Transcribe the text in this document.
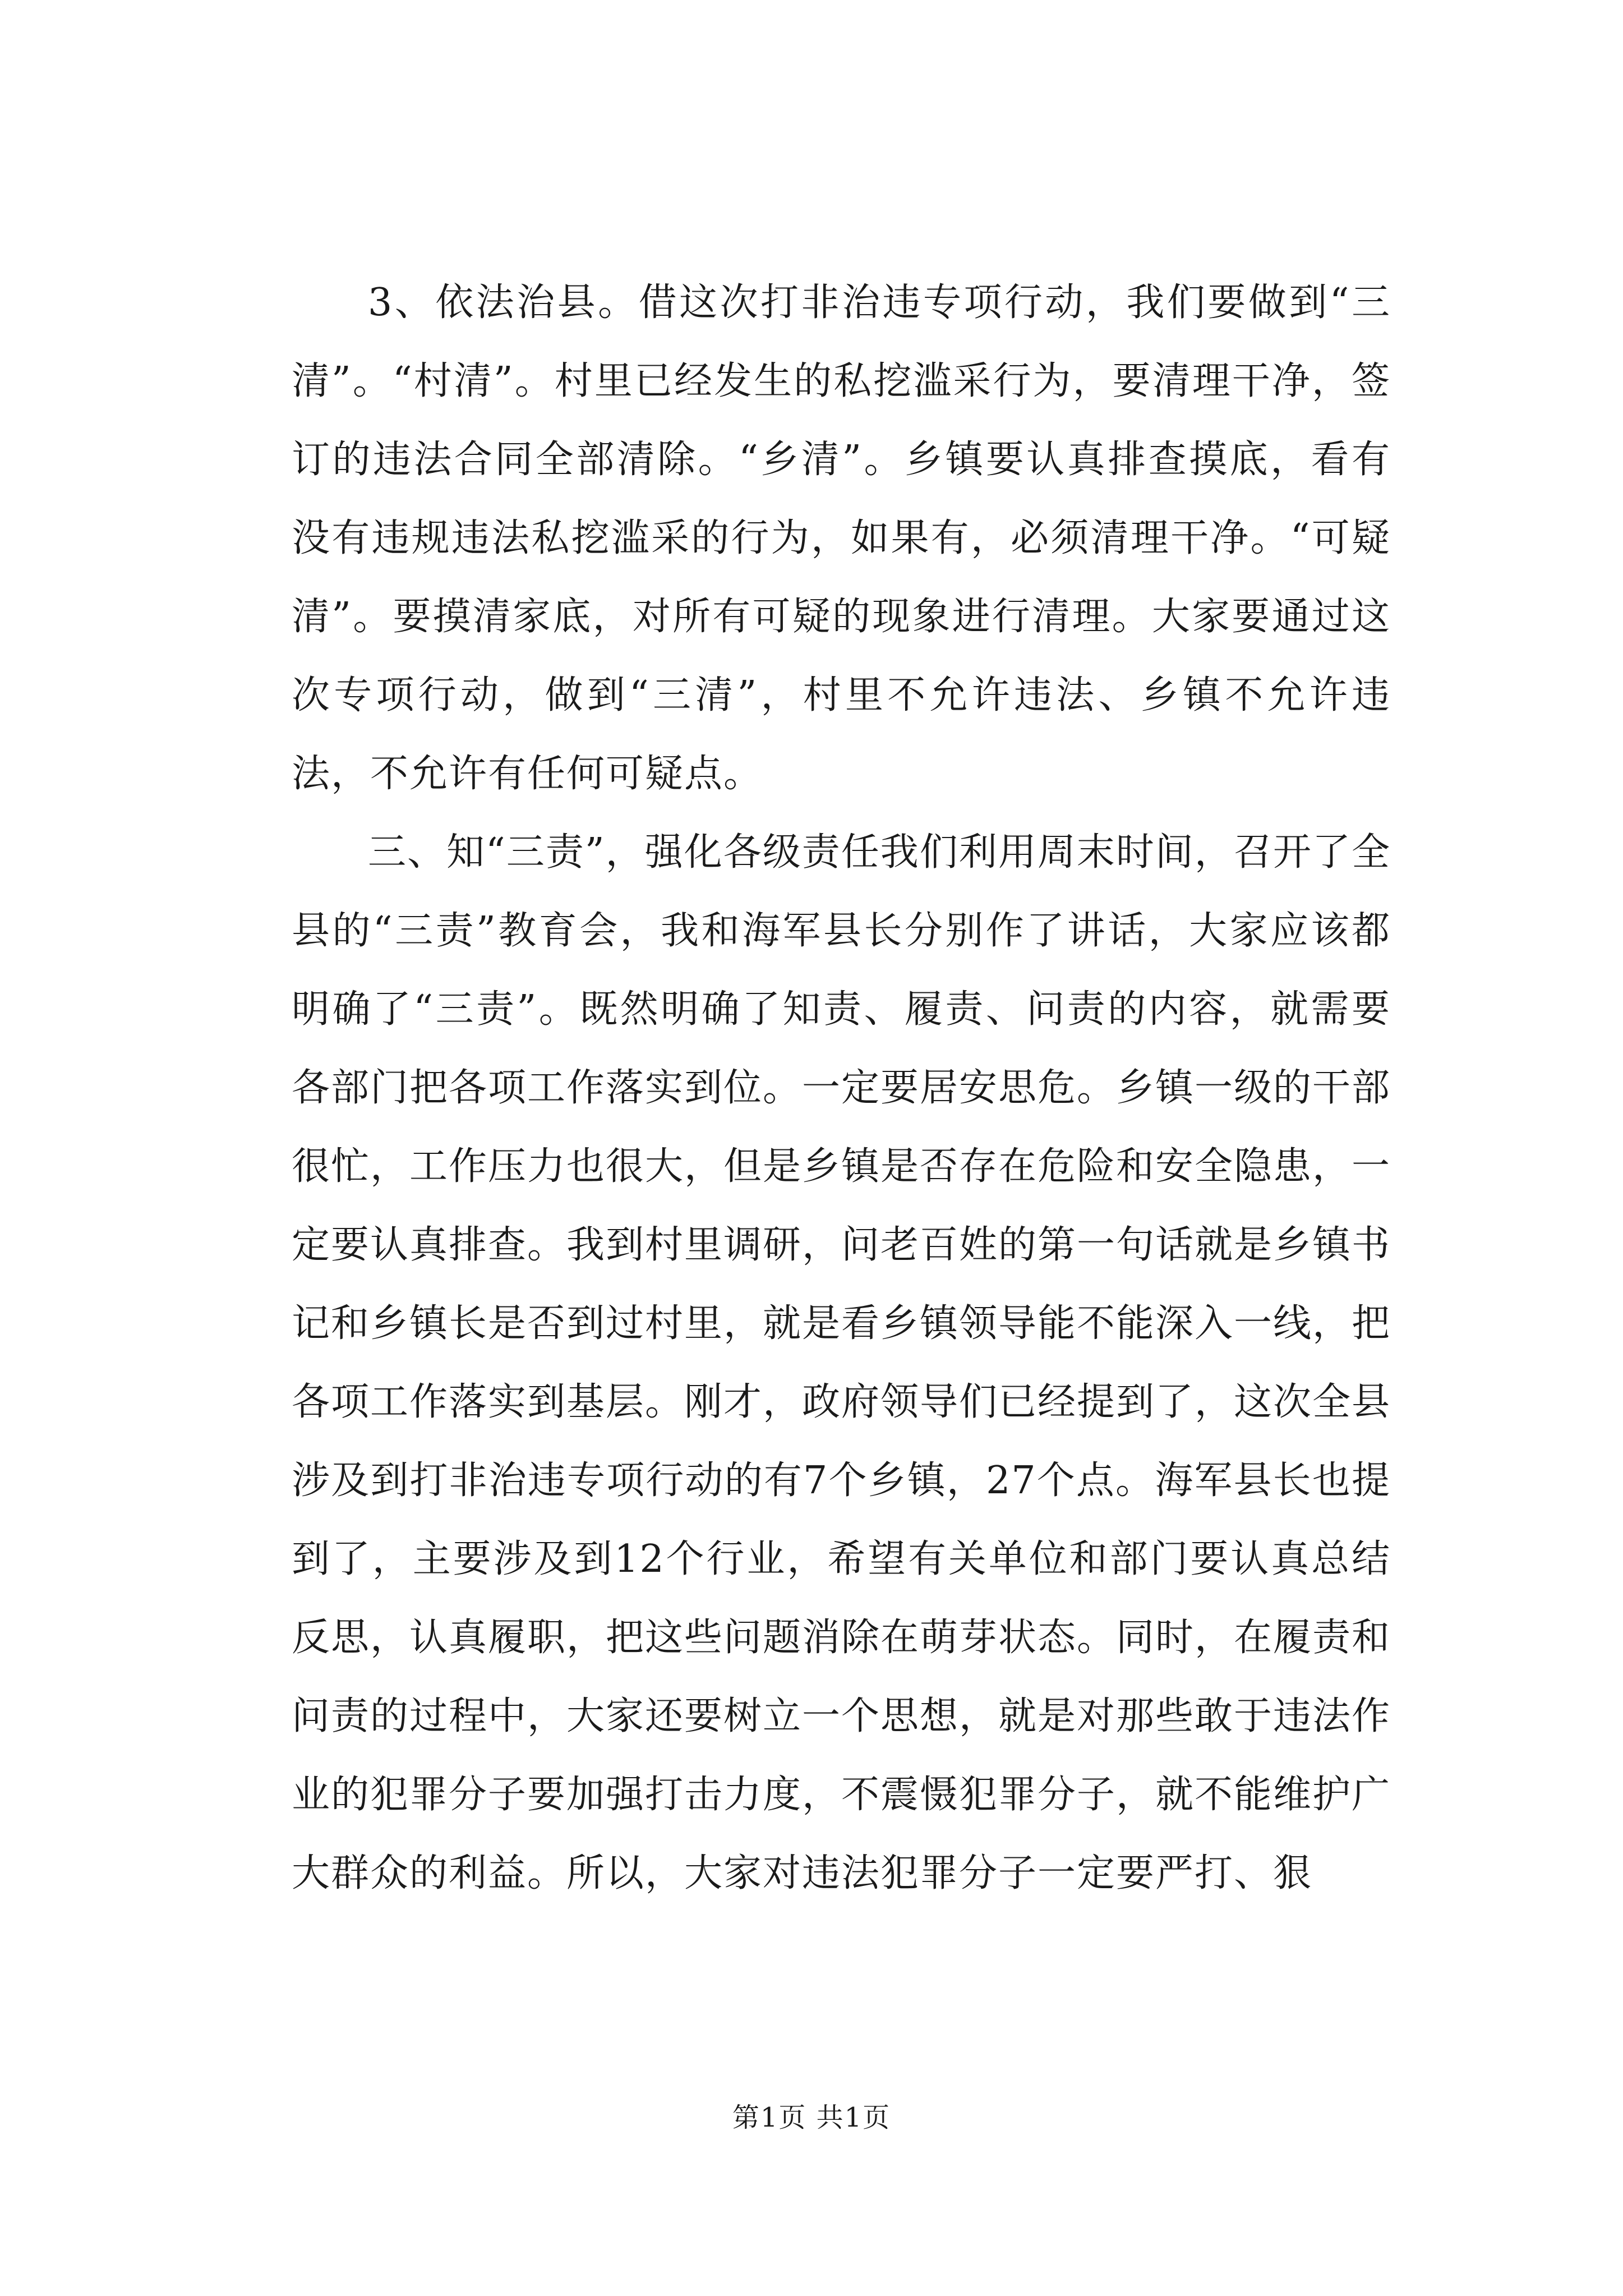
3、依法治县。借这次打非治违专项行动，我们要做到“三清”。“村清”。村里已经发生的私挖滥采行为，要清理干净，签订的违法合同全部清除。“乡清”。乡镇要认真排查摸底，看有没有违规违法私挖滥采的行为，如果有，必须清理干净。“可疑清”。要摸清家底，对所有可疑的现象进行清理。大家要通过这次专项行动，做到“三清”，村里不允许违法、乡镇不允许违法，不允许有任何可疑点。

三、知“三责”，强化各级责任我们利用周末时间，召开了全县的“三责”教育会，我和海军县长分别作了讲话，大家应该都明确了“三责”。既然明确了知责、履责、问责的内容，就需要各部门把各项工作落实到位。一定要居安思危。乡镇一级的干部很忙，工作压力也很大，但是乡镇是否存在危险和安全隐患，一定要认真排查。我到村里调研，问老百姓的第一句话就是乡镇书记和乡镇长是否到过村里，就是看乡镇领导能不能深入一线，把各项工作落实到基层。刚才，政府领导们已经提到了，这次全县涉及到打非治违专项行动的有7个乡镇，27个点。海军县长也提到了，主要涉及到12个行业，希望有关单位和部门要认真总结反思，认真履职，把这些问题消除在萌芽状态。同时，在履责和问责的过程中，大家还要树立一个思想，就是对那些敢于违法作业的犯罪分子要加强打击力度，不震慑犯罪分子，就不能维护广大群众的利益。所以，大家对违法犯罪分子一定要严打、狠

第1页 共1页
